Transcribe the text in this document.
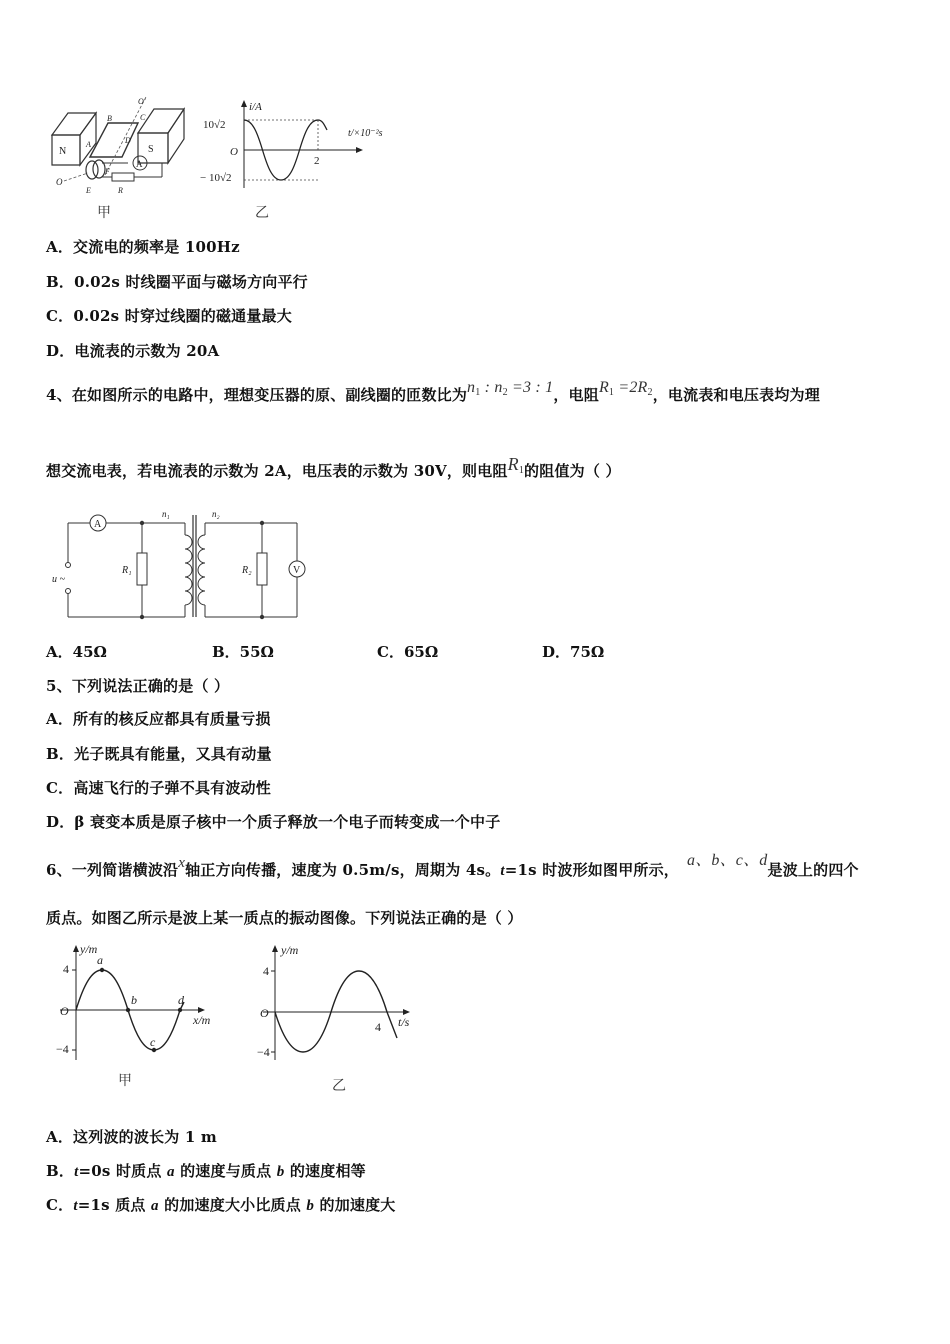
N	S
O′
C
B
A	D
O
A
E
F
R
甲
i/A
t/×10⁻²s
10√2
O
− 10√2
2
乙
A．交流电的频率是 100Hz
B．0.02s 时线圈平面与磁场方向平行
C．0.02s 时穿过线圈的磁通量最大
D．电流表的示数为 20A
4、在如图所示的电路中，理想变压器的原、副线圈的匝数比为$n_1$ : $n_2 =3$ : 1，电阻$R_1 =2R_2$，电流表和电压表均为理
想交流电表，若电流表的示数为 2A，电压表的示数为 30V，则电阻$R_1$的阻值为（ ）
A
V
n₁	n₂
R₁	R₂
u ~
A．45Ω	B．55Ω	C．65Ω	D．75Ω
5、下列说法正确的是（ ）
A．所有的核反应都具有质量亏损
B．光子既具有能量，又具有动量
C．高速飞行的子弹不具有波动性
D．β 衰变本质是原子核中一个质子释放一个电子而转变成一个中子
6、一列简谐横波沿x轴正方向传播，速度为 0.5m/s，周期为 4s。t=1s 时波形如图甲所示，a、b、c、d是波上的四个
质点。如图乙所示是波上某一质点的振动图像。下列说法正确的是（ ）
y/m
x/m
4
−4
O
a
b
c
d
甲
y/m
t/s
4
−4
O
4
乙
A．这列波的波长为 1 m
B．t=0s 时质点 a 的速度与质点 b 的速度相等
C．t=1s 质点 a 的加速度大小比质点 b 的加速度大
